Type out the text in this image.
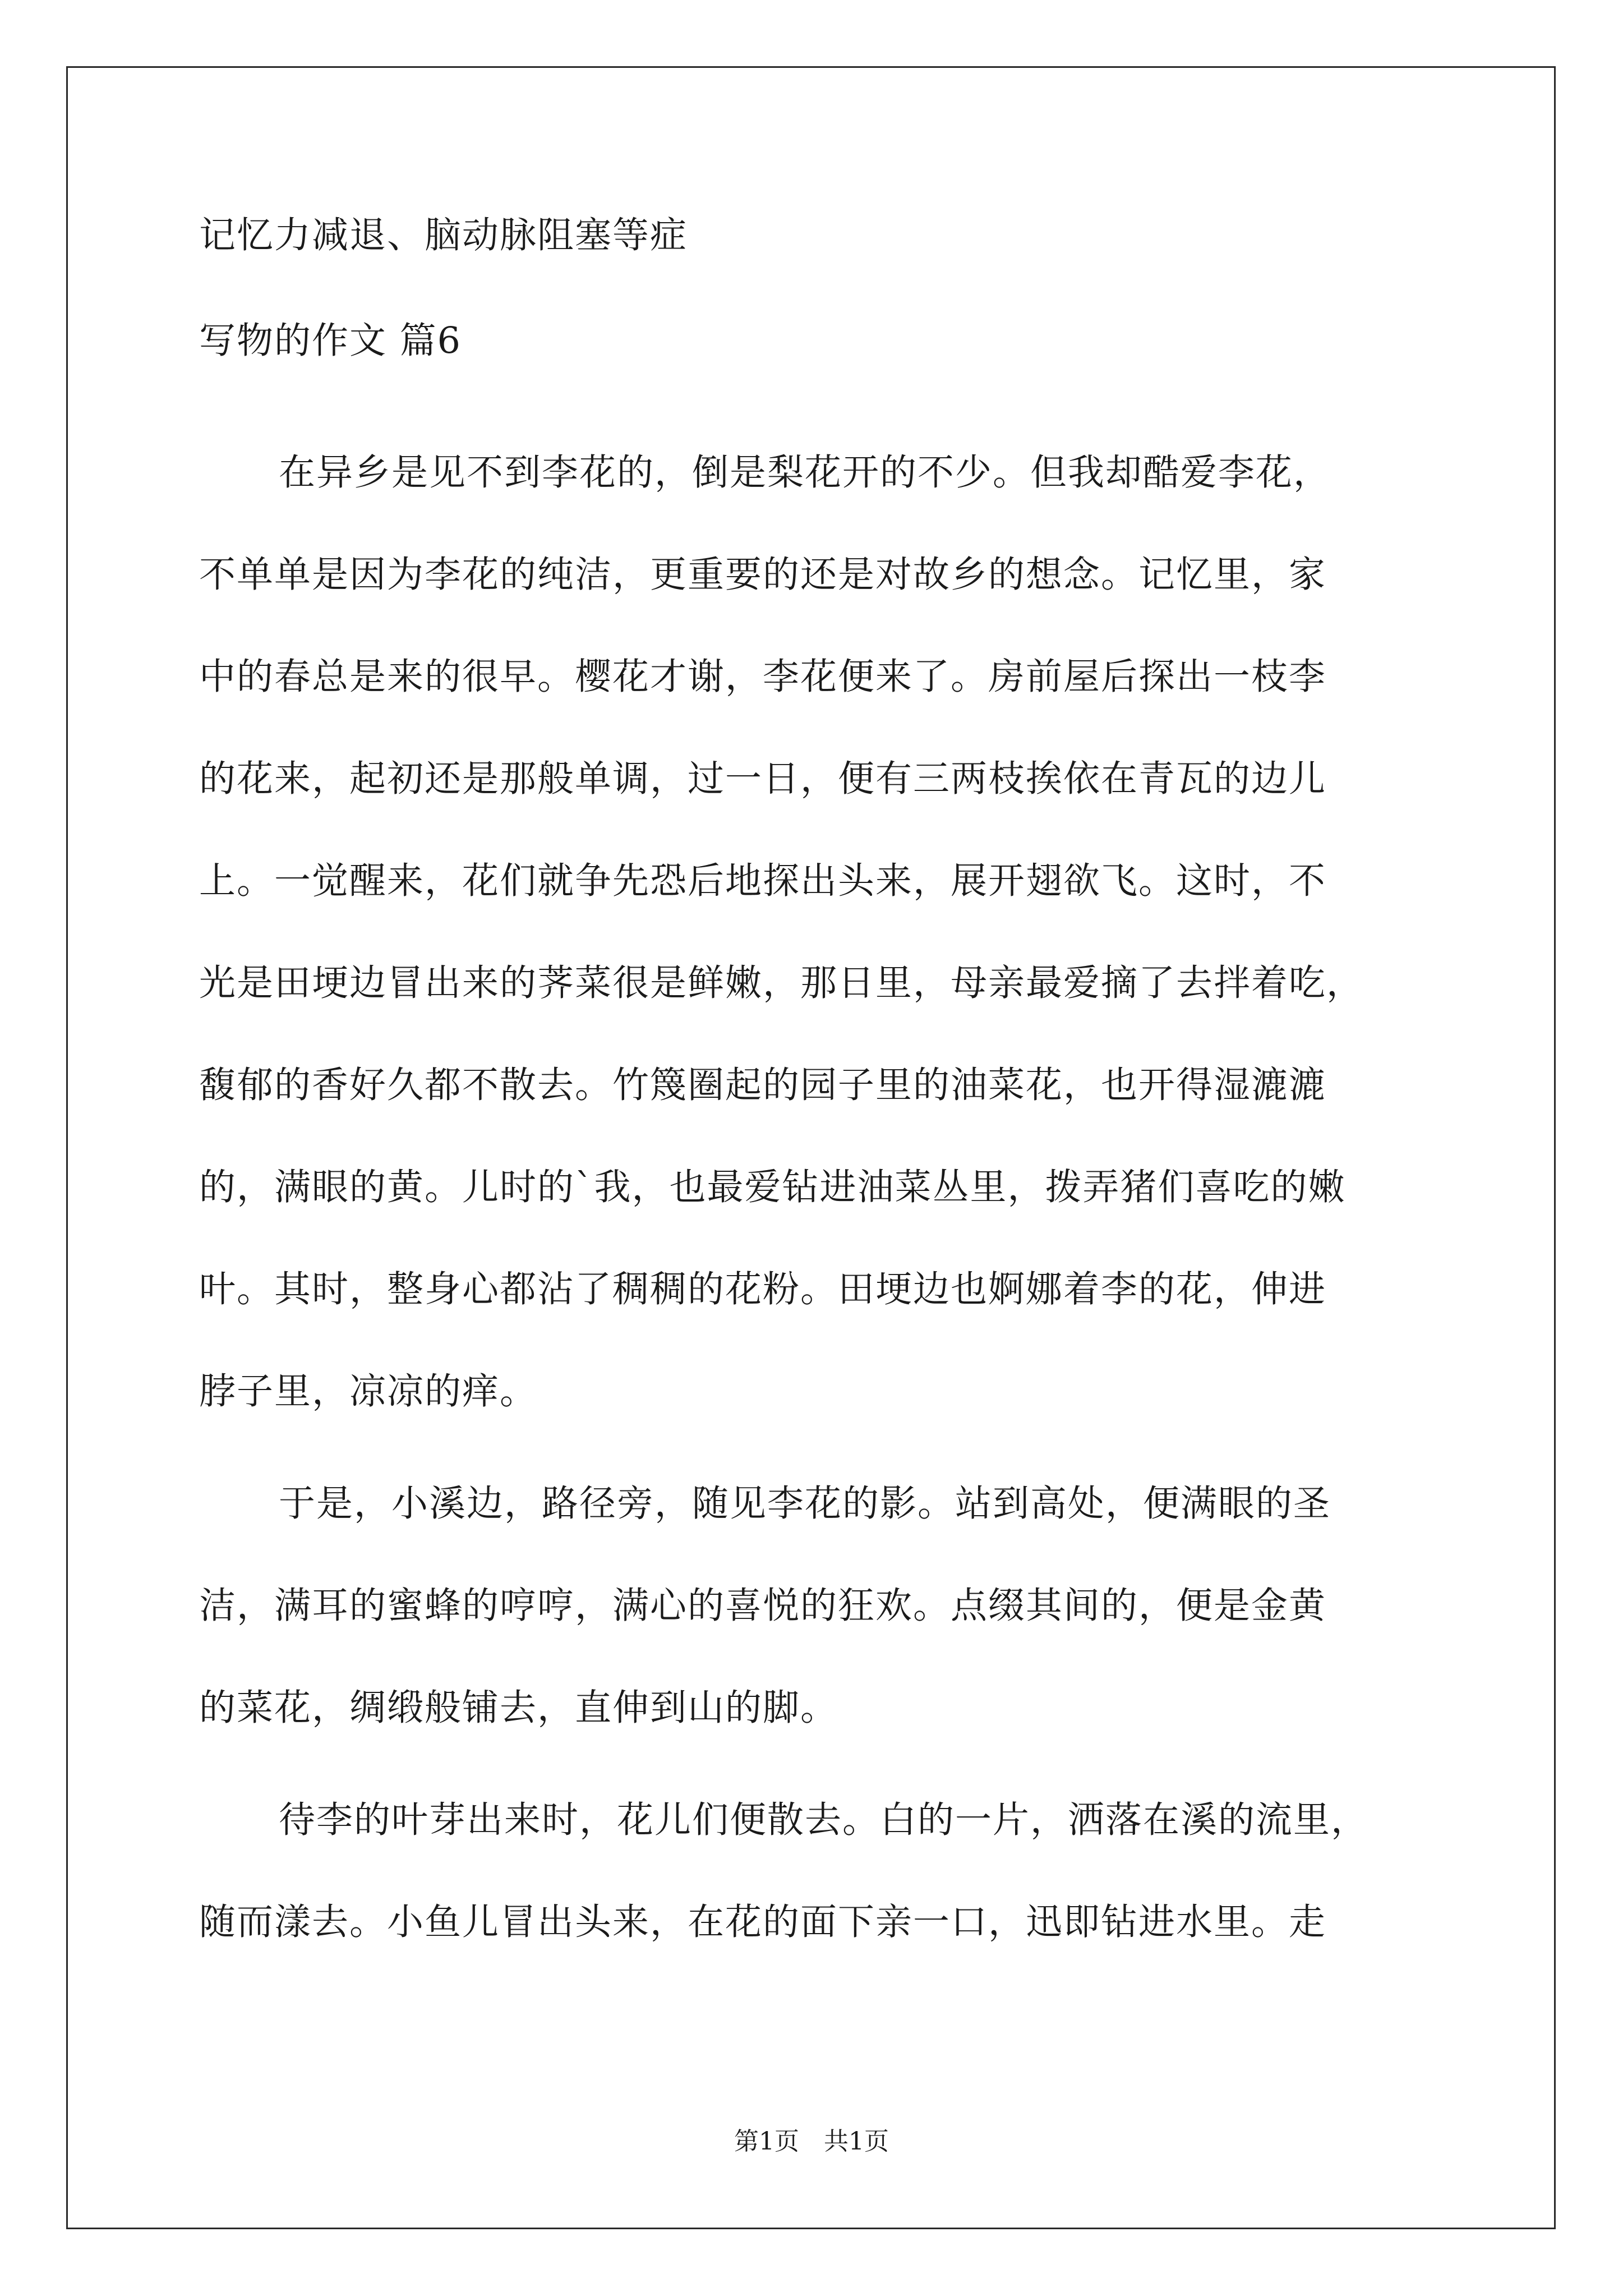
记忆力减退、脑动脉阻塞等症

写物的作文 篇6

在异乡是见不到李花的，倒是梨花开的不少。但我却酷爱李花，

不单单是因为李花的纯洁，更重要的还是对故乡的想念。记忆里，家

中的春总是来的很早。樱花才谢，李花便来了。房前屋后探出一枝李

的花来，起初还是那般单调，过一日，便有三两枝挨依在青瓦的边儿

上。一觉醒来，花们就争先恐后地探出头来，展开翅欲飞。这时，不

光是田埂边冒出来的荠菜很是鲜嫩，那日里，母亲最爱摘了去拌着吃，

馥郁的香好久都不散去。竹篾圈起的园子里的油菜花，也开得湿漉漉

的，满眼的黄。儿时的`我，也最爱钻进油菜丛里，拨弄猪们喜吃的嫩

叶。其时，整身心都沾了稠稠的花粉。田埂边也婀娜着李的花，伸进

脖子里，凉凉的痒。

于是，小溪边，路径旁，随见李花的影。站到高处，便满眼的圣

洁，满耳的蜜蜂的哼哼，满心的喜悦的狂欢。点缀其间的，便是金黄

的菜花，绸缎般铺去，直伸到山的脚。

待李的叶芽出来时，花儿们便散去。白的一片，洒落在溪的流里，

随而漾去。小鱼儿冒出头来，在花的面下亲一口，迅即钻进水里。走

第1页　共1页
